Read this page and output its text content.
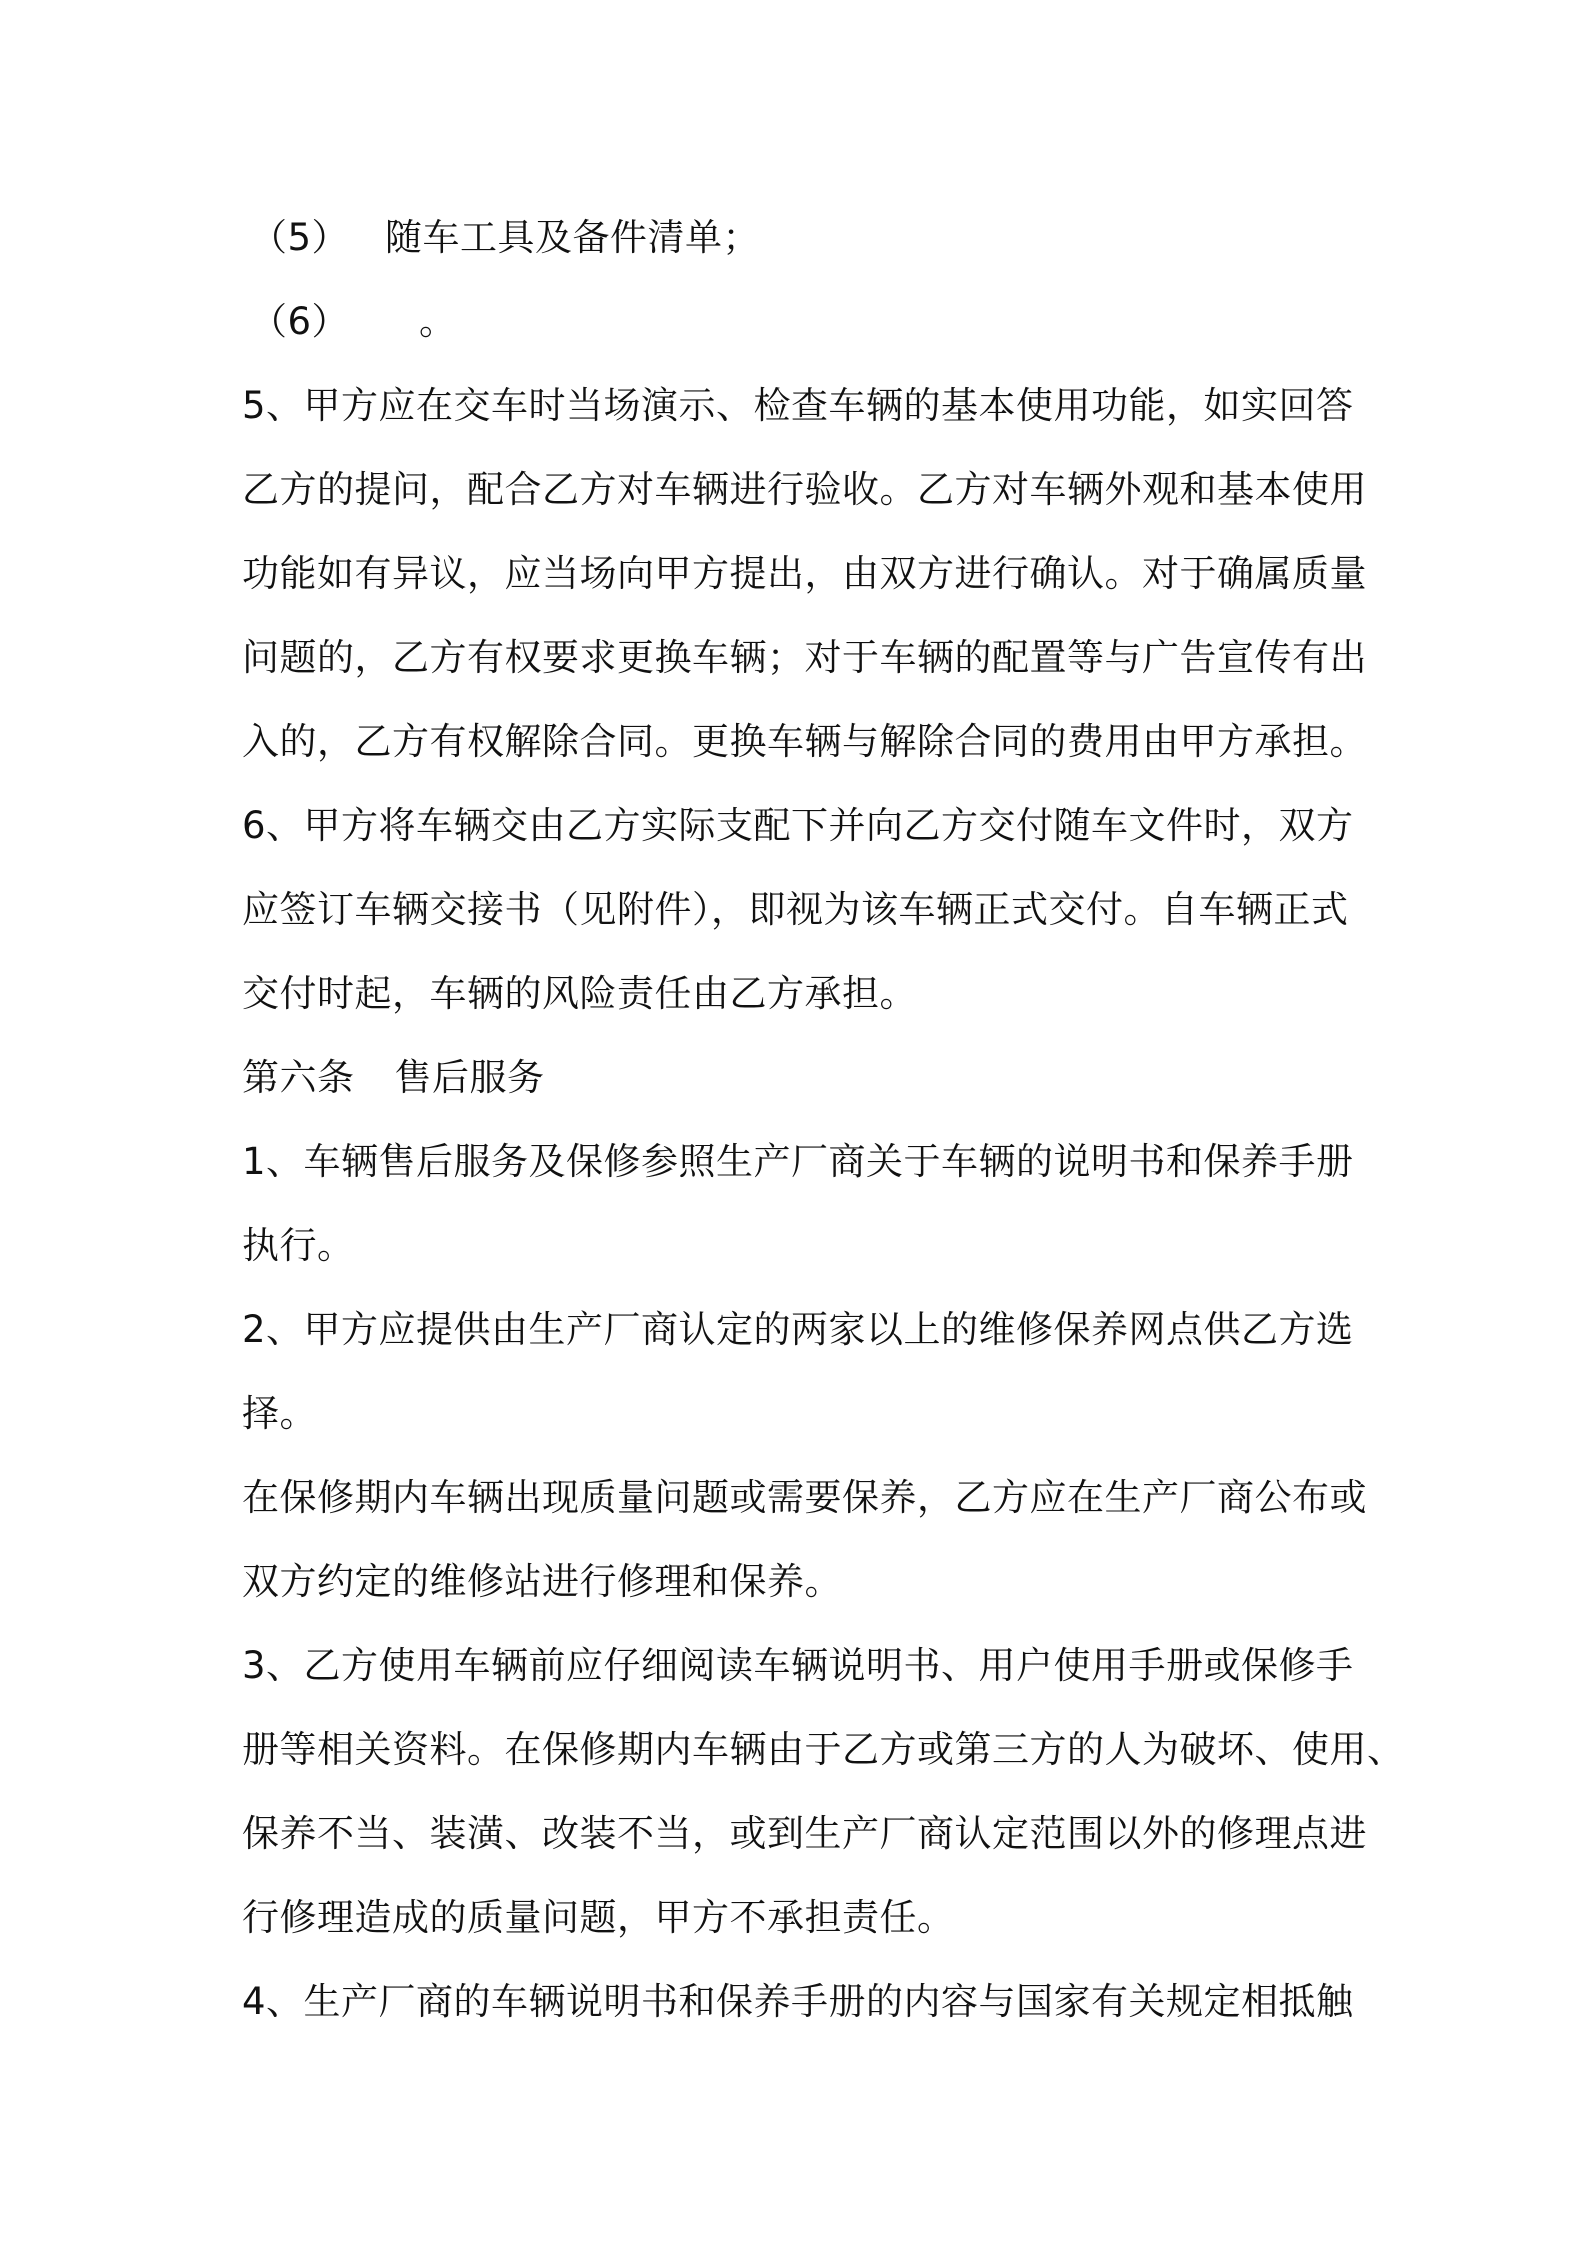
（5） 随车工具及备件清单；
（6） 。
5、甲方应在交车时当场演示、检查车辆的基本使用功能，如实回答
乙方的提问，配合乙方对车辆进行验收。乙方对车辆外观和基本使用
功能如有异议，应当场向甲方提出，由双方进行确认。对于确属质量
问题的，乙方有权要求更换车辆；对于车辆的配置等与广告宣传有出
入的，乙方有权解除合同。更换车辆与解除合同的费用由甲方承担。
6、甲方将车辆交由乙方实际支配下并向乙方交付随车文件时，双方
应签订车辆交接书（见附件），即视为该车辆正式交付。自车辆正式
交付时起，车辆的风险责任由乙方承担。
第六条 售后服务
1、车辆售后服务及保修参照生产厂商关于车辆的说明书和保养手册
执行。
2、甲方应提供由生产厂商认定的两家以上的维修保养网点供乙方选
择。
在保修期内车辆出现质量问题或需要保养，乙方应在生产厂商公布或
双方约定的维修站进行修理和保养。
3、乙方使用车辆前应仔细阅读车辆说明书、用户使用手册或保修手
册等相关资料。在保修期内车辆由于乙方或第三方的人为破坏、使用、
保养不当、装潢、改装不当，或到生产厂商认定范围以外的修理点进
行修理造成的质量问题，甲方不承担责任。
4、生产厂商的车辆说明书和保养手册的内容与国家有关规定相抵触
